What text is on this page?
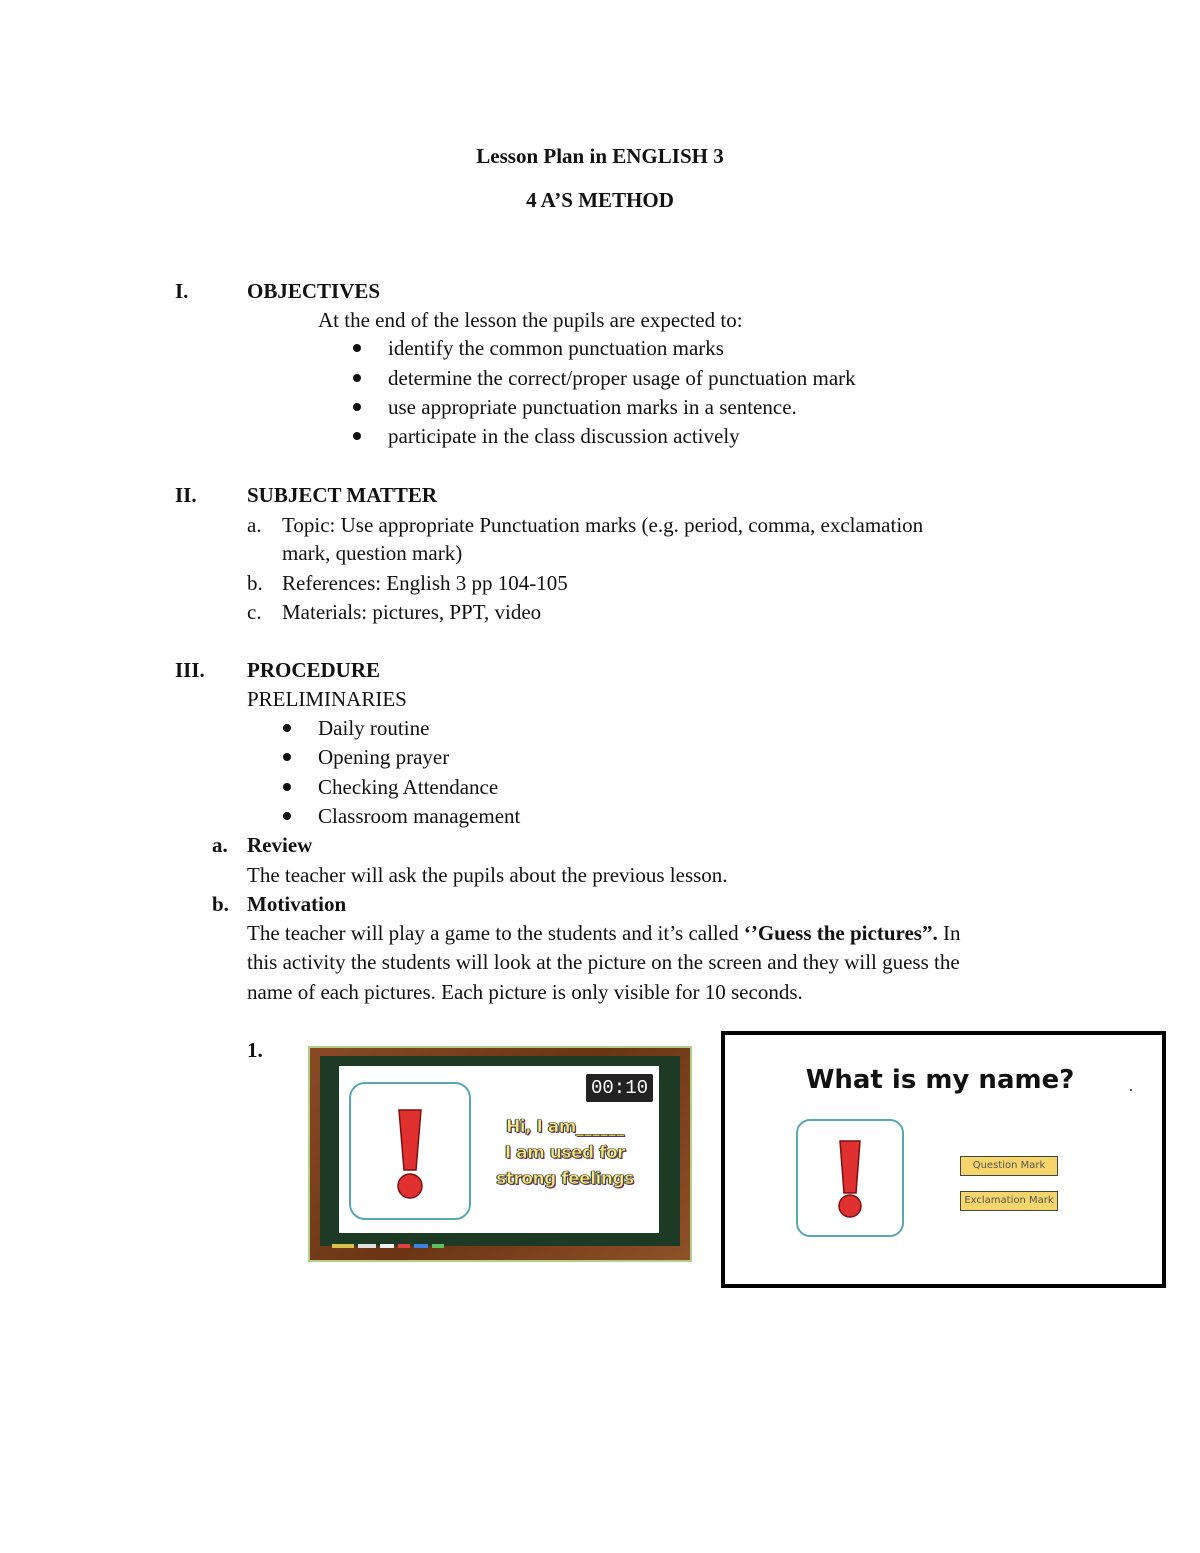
Lesson Plan in ENGLISH 3
4 A’S METHOD
I.	OBJECTIVES
At the end of the lesson the pupils are expected to:
identify the common punctuation marks
determine the correct/proper usage of punctuation mark
use appropriate punctuation marks in a sentence.
participate in the class discussion actively
II. SUBJECT MATTER
a. Topic: Use appropriate Punctuation marks (e.g. period, comma, exclamation
mark, question mark)
b. References: English 3 pp 104-105
c. Materials: pictures, PPT, video
III. PROCEDURE
PRELIMINARIES
Daily routine
Opening prayer
Checking Attendance
Classroom management
a. Review
The teacher will ask the pupils about the previous lesson.
b. Motivation
The teacher will play a game to the students and it’s called ‘’Guess the pictures”. In
this activity the students will look at the picture on the screen and they will guess the
name of each pictures. Each picture is only visible for 10 seconds.
1.
00:10
Hi, I am______
I am used for
strong feelings
What is my name?
Question Mark
Exclamation Mark
